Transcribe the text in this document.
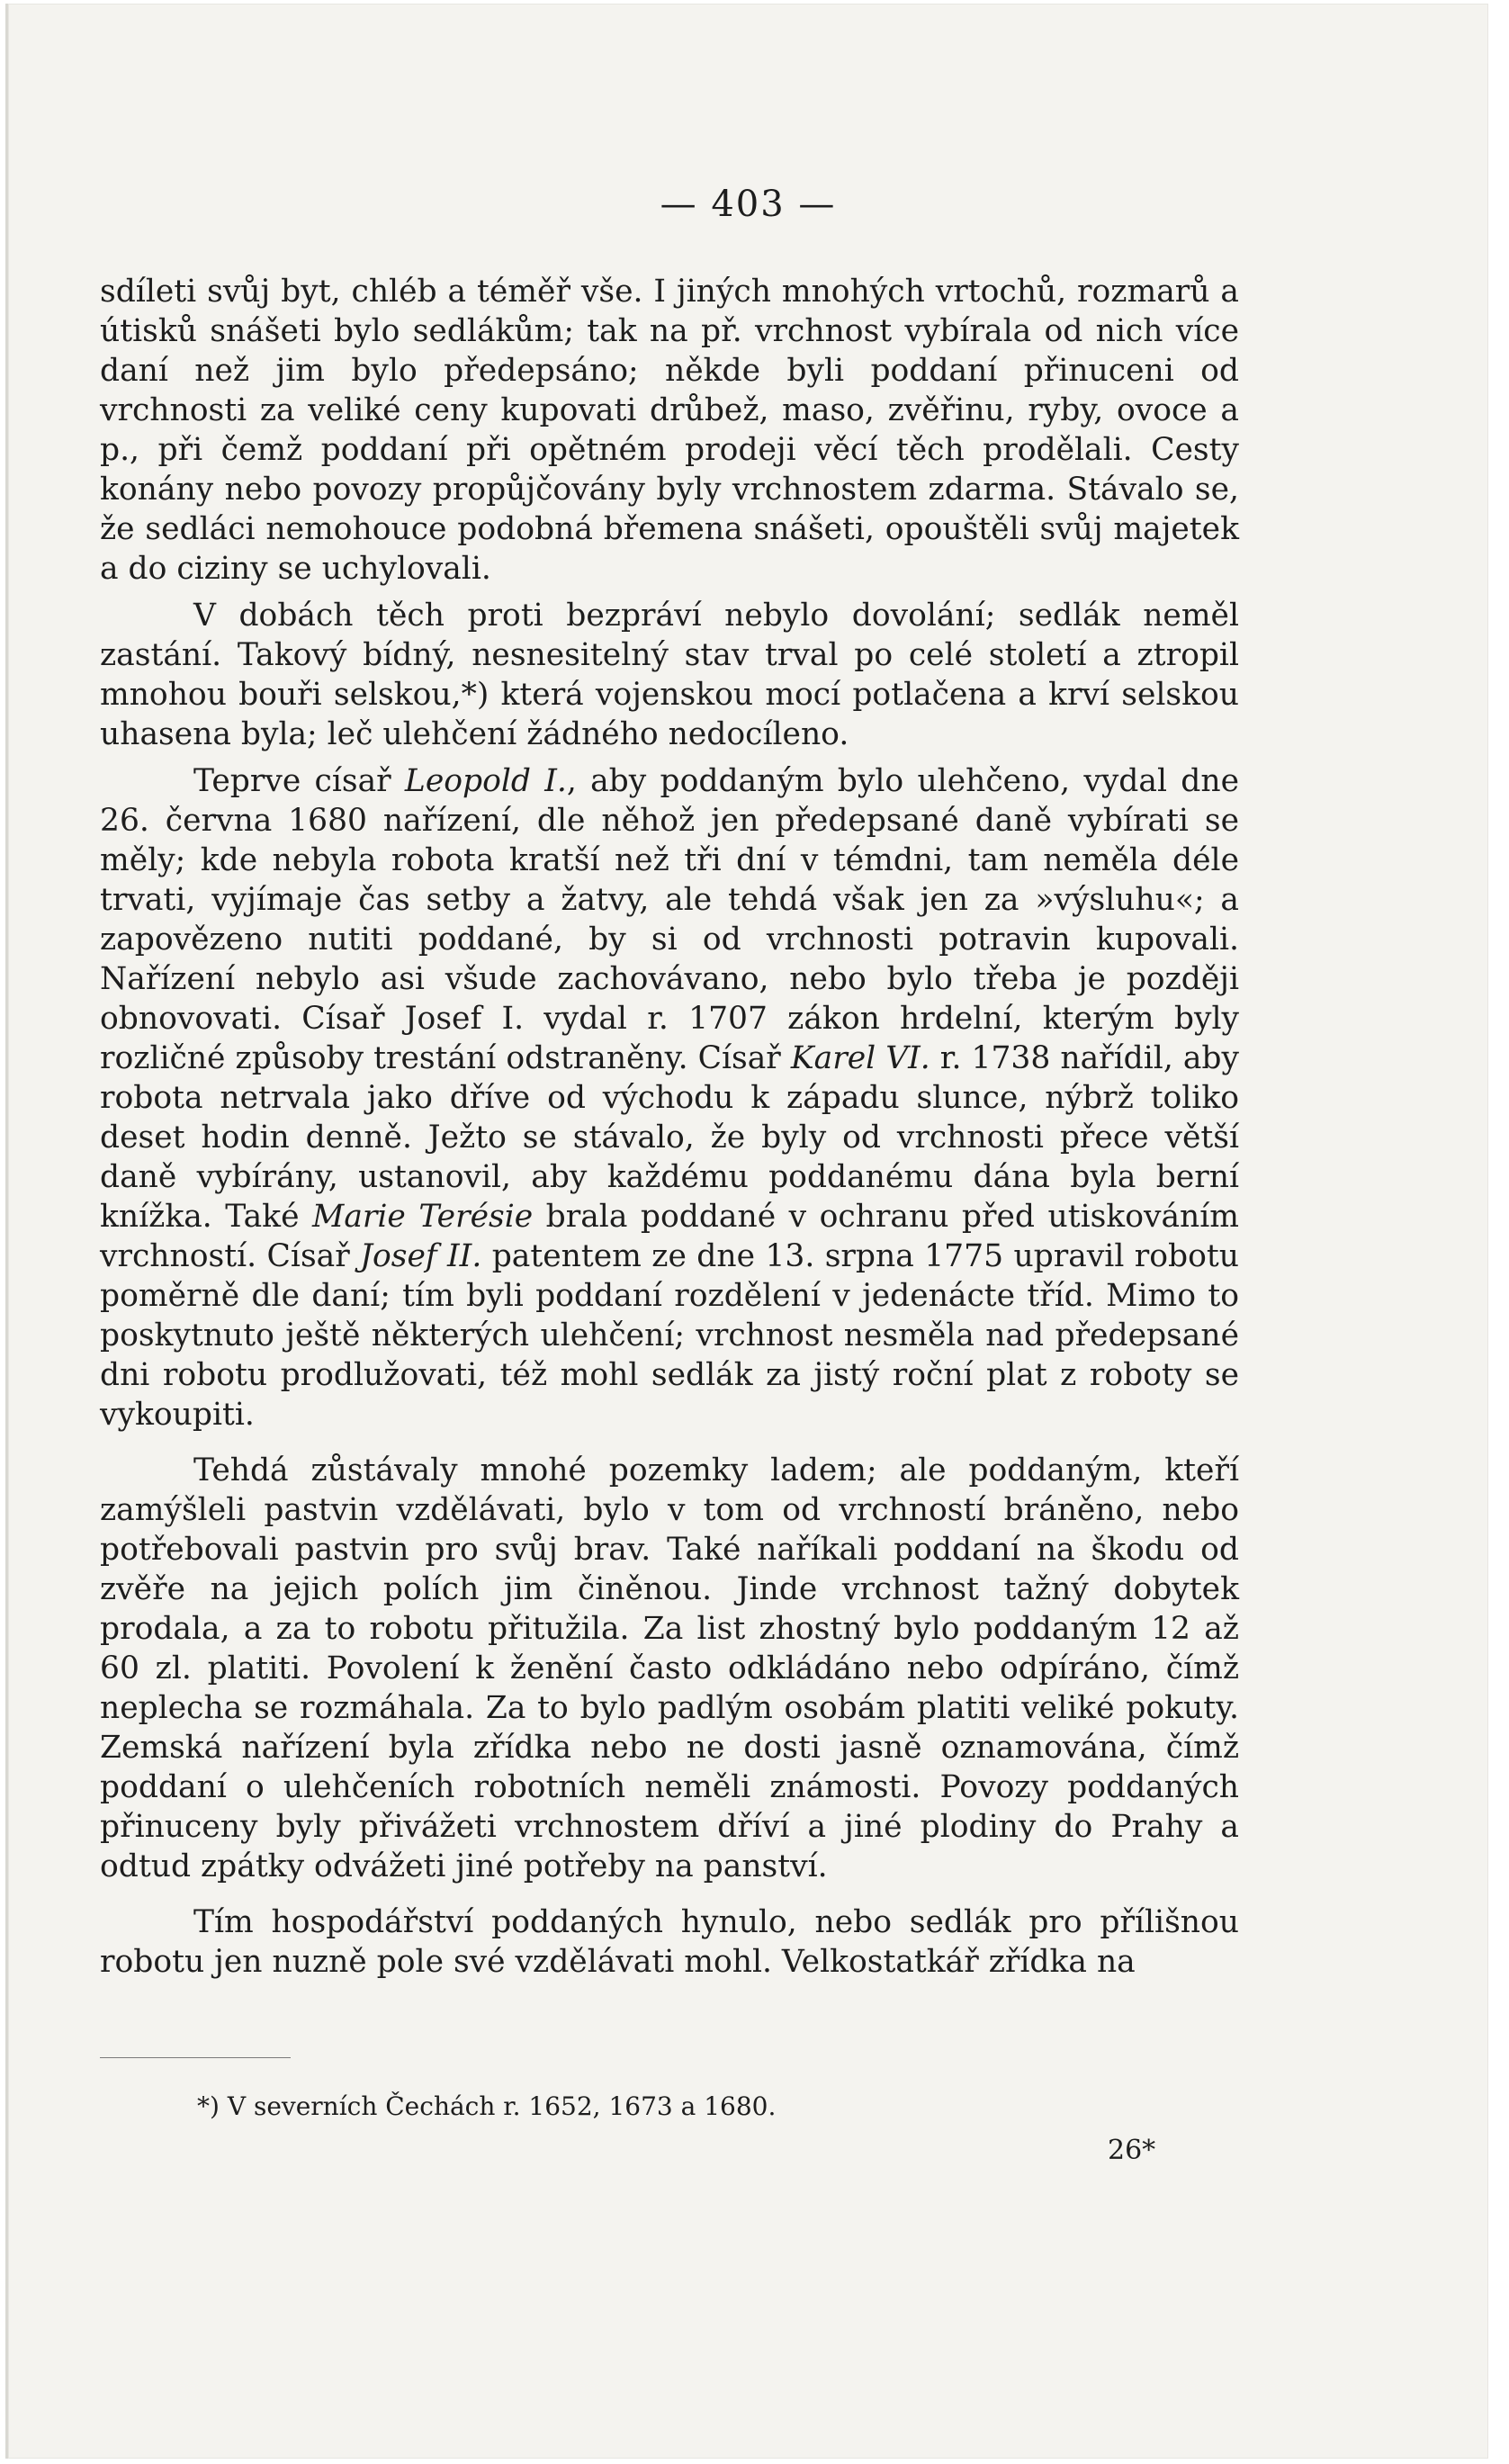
— 403 —

sdíleti svůj byt, chléb a téměř vše. I jiných mnohých vrtochů, rozmarů a útisků snášeti bylo sedlákům; tak na př. vrchnost vybírala od nich více daní než jim bylo předepsáno; někde byli poddaní přinuceni od vrchnosti za veliké ceny kupovati drůbež, maso, zvěřinu, ryby, ovoce a p., při čemž poddaní při opětném prodeji věcí těch prodělali. Cesty konány nebo povozy propůjčovány byly vrchnostem zdarma. Stávalo se, že sedláci nemohouce podobná břemena snášeti, opouštěli svůj majetek a do ciziny se uchylovali.

V dobách těch proti bezpráví nebylo dovolání; sedlák neměl zastání. Takový bídný, nesnesitelný stav trval po celé století a ztropil mnohou bouři selskou,*) která vojenskou mocí potlačena a krví selskou uhasena byla; leč ulehčení žádného nedocíleno.

Teprve císař Leopold I., aby poddaným bylo ulehčeno, vydal dne 26. června 1680 nařízení, dle něhož jen předepsané daně vybírati se měly; kde nebyla robota kratší než tři dní v témdni, tam neměla déle trvati, vyjímaje čas setby a žatvy, ale tehdá však jen za »výsluhu«; a zapovězeno nutiti poddané, by si od vrchnosti potravin kupovali. Nařízení nebylo asi všude zachovávano, nebo bylo třeba je později obnovovati. Císař Josef I. vydal r. 1707 zákon hrdelní, kterým byly rozličné způsoby trestání odstraněny. Císař Karel VI. r. 1738 nařídil, aby robota netrvala jako dříve od východu k západu slunce, nýbrž toliko deset hodin denně. Ježto se stávalo, že byly od vrchnosti přece větší daně vybírány, ustanovil, aby každému poddanému dána byla berní knížka. Také Marie Terésie brala poddané v ochranu před utiskováním vrchností. Císař Josef II. patentem ze dne 13. srpna 1775 upravil robotu poměrně dle daní; tím byli poddaní rozdělení v jedenácte tříd. Mimo to poskytnuto ještě některých ulehčení; vrchnost nesměla nad předepsané dni robotu prodlužovati, též mohl sedlák za jistý roční plat z roboty se vykoupiti.

Tehdá zůstávaly mnohé pozemky ladem; ale poddaným, kteří zamýšleli pastvin vzdělávati, bylo v tom od vrchností bráněno, nebo potřebovali pastvin pro svůj brav. Také naříkali poddaní na škodu od zvěře na jejich polích jim činěnou. Jinde vrchnost tažný dobytek prodala, a za to robotu přitužila. Za list zhostný bylo poddaným 12 až 60 zl. platiti. Povolení k ženění často odkládáno nebo odpíráno, čímž neplecha se rozmáhala. Za to bylo padlým osobám platiti veliké pokuty. Zemská nařízení byla zřídka nebo ne dosti jasně oznamována, čímž poddaní o ulehčeních robotních neměli známosti. Povozy poddaných přinuceny byly přivážeti vrchnostem dříví a jiné plodiny do Prahy a odtud zpátky odvážeti jiné potřeby na panství.

Tím hospodářství poddaných hynulo, nebo sedlák pro přílišnou robotu jen nuzně pole své vzdělávati mohl. Velkostatkář zřídka na

*) V severních Čechách r. 1652, 1673 a 1680.
26*
